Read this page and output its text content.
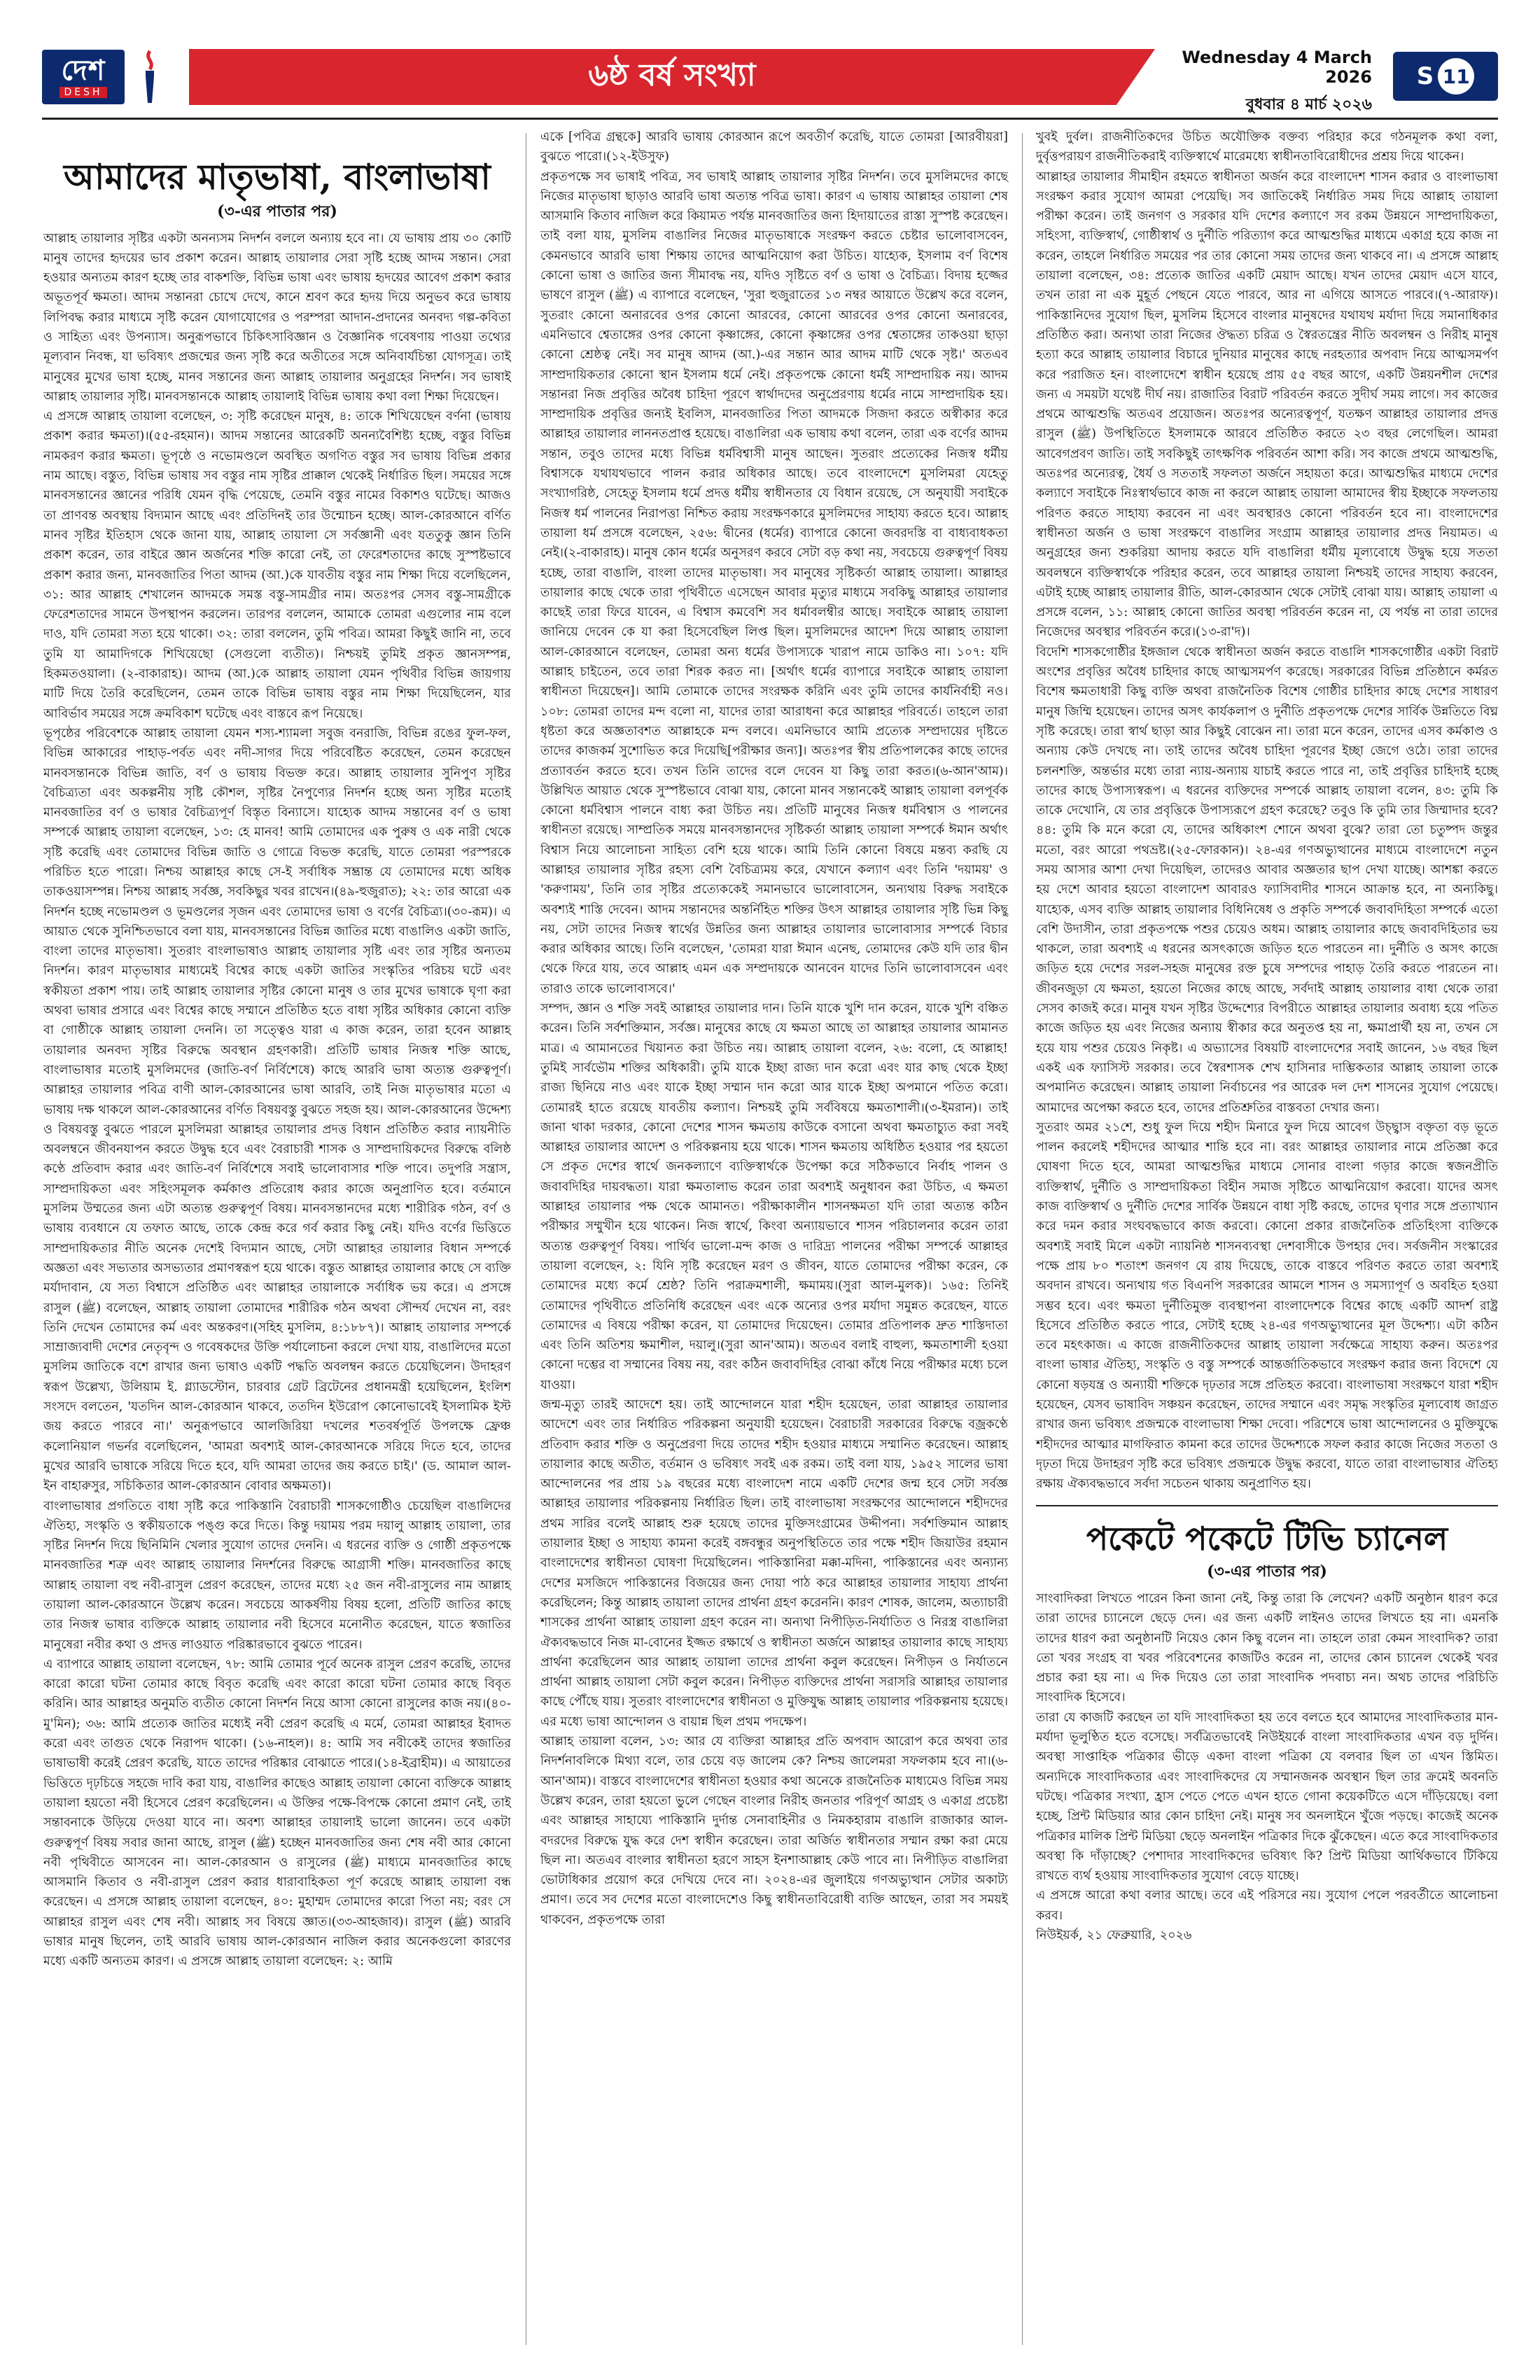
দেশ
DESH	৬ষ্ঠ বর্ষ সংখ্যা	Wednesday 4 March 2026
বুধবার ৪ মার্চ ২০২৬
S 11
আমাদের মাতৃভাষা, বাংলাভাষা
(৩-এর পাতার পর)

আল্লাহ তায়ালার সৃষ্টির একটা অনন্যসম নিদর্শন বললে অন্যায় হবে না। যে ভাষায় প্রায় ৩০ কোটি মানুষ তাদের হৃদয়ের ভাব প্রকাশ করেন। আল্লাহ তায়ালার সেরা সৃষ্টি হচ্ছে আদম সন্তান। সেরা হওয়ার অন্যতম কারণ হচ্ছে তার বাকশক্তি, বিভিন্ন ভাষা এবং ভাষায় হৃদয়ের আবেগ প্রকাশ করার অভূতপূর্ব ক্ষমতা। আদম সন্তানরা চোখে দেখে, কানে শ্রবণ করে হৃদয় দিয়ে অনুভব করে ভাষায় লিপিবদ্ধ করার মাধ্যমে সৃষ্টি করেন যোগাযোগের ও পরম্পরা আদান-প্রদানের অনবদ্য গল্প-কবিতা ও সাহিত্য এবং উপন্যাস। অনুরূপভাবে চিকিৎসাবিজ্ঞান ও বৈজ্ঞানিক গবেষণায় পাওয়া তথ্যের মূল্যবান নিবন্ধ, যা ভবিষ্যৎ প্রজন্মের জন্য সৃষ্টি করে অতীতের সঙ্গে অনিবার্যচিন্তা যোগসূত্র। তাই মানুষের মুখের ভাষা হচ্ছে, মানব সন্তানের জন্য আল্লাহ তায়ালার অনুগ্রহের নিদর্শন। সব ভাষাই আল্লাহ তায়ালার সৃষ্টি। মানবসন্তানকে আল্লাহ তায়ালাই বিভিন্ন ভাষায় কথা বলা শিক্ষা দিয়েছেন।

এ প্রসঙ্গে আল্লাহ তায়ালা বলেছেন, ৩: সৃষ্টি করেছেন মানুষ, ৪: তাকে শিখিয়েছেন বর্ণনা (ভাষায় প্রকাশ করার ক্ষমতা)।(৫৫-রহমান)। আদম সন্তানের আরেকটি অনন্যবৈশিষ্ট্য হচ্ছে, বস্তুর বিভিন্ন নামকরণ করার ক্ষমতা। ভূপৃষ্ঠে ও নভোমণ্ডলে অবস্থিত অগণিত বস্তুর সব ভাষায় বিভিন্ন প্রকার নাম আছে। বস্তুত, বিভিন্ন ভাষায় সব বস্তুর নাম সৃষ্টির প্রাক্কাল থেকেই নির্ধারিত ছিল। সময়ের সঙ্গে মানবসন্তানের জ্ঞানের পরিধি যেমন বৃদ্ধি পেয়েছে, তেমনি বস্তুর নামের বিকাশও ঘটেছে। আজও তা প্রাণবন্ত অবস্থায় বিদ্যমান আছে এবং প্রতিদিনই তার উন্মোচন হচ্ছে। আল-কোরআনে বর্ণিত মানব সৃষ্টির ইতিহাস থেকে জানা যায়, আল্লাহ তায়ালা সে সর্বজ্ঞানী এবং যততুকু জ্ঞান তিনি প্রকাশ করেন, তার বাইরে জ্ঞান অর্জনের শক্তি কারো নেই, তা ফেরেশতাদের কাছে সুস্পষ্টভাবে প্রকাশ করার জন্য, মানবজাতির পিতা আদম (আ.)কে যাবতীয় বস্তুর নাম শিক্ষা দিয়ে বলেছিলেন, ৩১: আর আল্লাহ শেখালেন আদমকে সমস্ত বস্তু-সামগ্রীর নাম। অতঃপর সেসব বস্তু-সামগ্রীকে ফেরেশতাদের সামনে উপস্থাপন করলেন। তারপর বললেন, আমাকে তোমরা এগুলোর নাম বলে দাও, যদি তোমরা সত্য হয়ে থাকো। ৩২: তারা বললেন, তুমি পবিত্র। আমরা কিছুই জানি না, তবে তুমি যা আমাদিগকে শিখিয়েছো (সেগুলো ব্যতীত)। নিশ্চয়ই তুমিই প্রকৃত জ্ঞানসম্পন্ন, হিকমতওয়ালা। (২-বাকারাহ)। আদম (আ.)কে আল্লাহ তায়ালা যেমন পৃথিবীর বিভিন্ন জায়গায় মাটি দিয়ে তৈরি করেছিলেন, তেমন তাকে বিভিন্ন ভাষায় বস্তুর নাম শিক্ষা দিয়েছিলেন, যার আবির্ভাব সময়ের সঙ্গে ক্রমবিকাশ ঘটেছে এবং বাস্তবে রূপ নিয়েছে।

ভূপৃষ্ঠের পরিবেশকে আল্লাহ তায়ালা যেমন শস্য-শ্যামলা সবুজ বনরাজি, বিভিন্ন রঙের ফুল-ফল, বিভিন্ন আকারের পাহাড়-পর্বত এবং নদী-সাগর দিয়ে পরিবেষ্টিত করেছেন, তেমন করেছেন মানবসন্তানকে বিভিন্ন জাতি, বর্ণ ও ভাষায় বিভক্ত করে। আল্লাহ তায়ালার সুনিপুণ সৃষ্টির বৈচিত্র্যতা এবং অকল্পনীয় সৃষ্টি কৌশল, সৃষ্টির নৈপুণ্যের নিদর্শন হচ্ছে অন্য সৃষ্টির মতোই মানবজাতির বর্ণ ও ভাষার বৈচিত্র্যপূর্ণ বিস্তৃত বিন্যাসে। যাহ্যেক আদম সন্তানের বর্ণ ও ভাষা সম্পর্কে আল্লাহ তায়ালা বলেছেন, ১৩: হে মানব! আমি তোমাদের এক পুরুষ ও এক নারী থেকে সৃষ্টি করেছি এবং তোমাদের বিভিন্ন জাতি ও গোত্রে বিভক্ত করেছি, যাতে তোমরা পরস্পরকে পরিচিত হতে পারো। নিশ্চয় আল্লাহর কাছে সে-ই সর্বাধিক সম্ভ্রান্ত যে তোমাদের মধ্যে অধিক তাকওয়াসম্পন্ন। নিশ্চয় আল্লাহ সর্বজ্ঞ, সবকিছুর খবর রাখেন।(৪৯-হুজুরাত); ২২: তার আরো এক নিদর্শন হচ্ছে নভোমণ্ডল ও ভূমণ্ডলের সৃজন এবং তোমাদের ভাষা ও বর্ণের বৈচিত্র্য।(৩০-রূম)। এ আয়াত থেকে সুনিশ্চিতভাবে বলা যায়, মানবসন্তানের বিভিন্ন জাতির মধ্যে বাঙালিও একটা জাতি, বাংলা তাদের মাতৃভাষা। সুতরাং বাংলাভাষাও আল্লাহ তায়ালার সৃষ্টি এবং তার সৃষ্টির অন্যতম নিদর্শন। কারণ মাতৃভাষার মাধ্যমেই বিশ্বের কাছে একটা জাতির সংস্কৃতির পরিচয় ঘটে এবং স্বকীয়তা প্রকাশ পায়। তাই আল্লাহ তায়ালার সৃষ্টির কোনো মানুষ ও তার মুখের ভাষাকে ঘৃণা করা অথবা ভাষার প্রসারে এবং বিশ্বের কাছে সম্মানে প্রতিষ্ঠিত হতে বাধা সৃষ্টির অধিকার কোনো ব্যক্তি বা গোষ্ঠীকে আল্লাহ তায়ালা দেননি। তা সত্ত্বেও যারা এ কাজ করেন, তারা হবেন আল্লাহ তায়ালার অনবদ্য সৃষ্টির বিরুদ্ধে অবস্থান গ্রহণকারী। প্রতিটি ভাষার নিজস্ব শক্তি আছে, বাংলাভাষার মতোই মুসলিমদের (জাতি-বর্ণ নির্বিশেষে) কাছে আরবি ভাষা অত্যন্ত গুরুত্বপূর্ণ। আল্লাহর তায়ালার পবিত্র বাণী আল-কোরআনের ভাষা আরবি, তাই নিজ মাতৃভাষার মতো এ ভাষায় দক্ষ থাকলে আল-কোরআনের বর্ণিত বিষয়বস্তু বুঝতে সহজ হয়। আল-কোরআনের উদ্দেশ্য ও বিষয়বস্তু বুঝতে পারলে মুসলিমরা আল্লাহর তায়ালার প্রদত্ত বিধান প্রতিষ্ঠিত করার ন্যায়নীতি অবলম্বনে জীবনযাপন করতে উদ্বুদ্ধ হবে এবং বৈরাচারী শাসক ও সাম্প্রদায়িকদের বিরুদ্ধে বলিষ্ঠ কণ্ঠে প্রতিবাদ করার এবং জাতি-বর্ণ নির্বিশেষে সবাই ভালোবাসার শক্তি পাবে। তদুপরি সন্ত্রাস, সাম্প্রদায়িকতা এবং সহিংসমূলক কর্মকাণ্ড প্রতিরোধ করার কাজে অনুপ্রাণিত হবে। বর্তমানে মুসলিম উম্মতের জন্য এটা অত্যন্ত গুরুত্বপূর্ণ বিষয়। মানবসন্তানদের মধ্যে শারীরিক গঠন, বর্ণ ও ভাষায় ব্যবধানে যে তফাত আছে, তাকে কেন্দ্র করে গর্ব করার কিছু নেই। যদিও বর্ণের ভিত্তিতে সাম্প্রদায়িকতার নীতি অনেক দেশেই বিদ্যমান আছে, সেটা আল্লাহর তায়ালার বিধান সম্পর্কে অজ্ঞতা এবং সভ্যতার অসভ্যতার প্রমাণস্বরূপ হয়ে থাকে। বস্তুত আল্লাহর তায়ালার কাছে সে ব্যক্তি মর্যাদাবান, যে সত্য বিশ্বাসে প্রতিষ্ঠিত এবং আল্লাহর তায়ালাকে সর্বাধিক ভয় করে। এ প্রসঙ্গে রাসুল (ﷺ) বলেছেন, আল্লাহ তায়ালা তোমাদের শারীরিক গঠন অথবা সৌন্দর্য দেখেন না, বরং তিনি দেখেন তোমাদের কর্ম এবং অন্তকরণ।(সহিহ মুসলিম, ৪:১৮৮৭)। আল্লাহ তায়ালার সম্পর্কে সাম্রাজ্যবাদী দেশের নেতৃবৃন্দ ও গবেষকদের উক্তি পর্যালোচনা করলে দেখা যায়, বাঙালিদের মতো মুসলিম জাতিকে বশে রাখার জন্য ভাষাও একটি পদ্ধতি অবলম্বন করতে চেয়েছিলেন। উদাহরণ স্বরূপ উল্লেখ্য, উলিয়াম ই. গ্ল্যাডস্টোন, চারবার গ্রেট ব্রিটেনের প্রধানমন্ত্রী হয়েছিলেন, ইংলিশ সংসদে বলতেন, 'যতদিন আল-কোরআন থাকবে, ততদিন ইউরোপ কোনোভাবেই ইসলামিক ইস্ট জয় করতে পারবে না।' অনুরূপভাবে আলজিরিয়া দখলের শতবর্ষপূর্তি উপলক্ষে ফ্রেঞ্চ কলোনিয়াল গভর্নর বলেছিলেন, 'আমরা অবশ্যই আল-কোরআনকে সরিয়ে দিতে হবে, তাদের মুখের আরবি ভাষাকে সরিয়ে দিতে হবে, যদি আমরা তাদের জয় করতে চাই।' (ড. আমাল আল-ইন বাহারুসুর, সচিকিতার আল-কোরআন বোবার অক্ষমতা)।

বাংলাভাষার প্রগতিতে বাধা সৃষ্টি করে পাকিস্তানি বৈরাচারী শাসকগোষ্ঠীও চেয়েছিল বাঙালিদের ঐতিহ্য, সংস্কৃতি ও স্বকীয়তাকে পঙ্গু করে দিতে। কিন্তু দয়াময় পরম দয়ালু আল্লাহ তায়ালা, তার সৃষ্টির নিদর্শন দিয়ে ছিনিমিনি খেলার সুযোগ তাদের দেননি। এ ধরনের ব্যক্তি ও গোষ্ঠী প্রকৃতপক্ষে মানবজাতির শত্রু এবং আল্লাহ তায়ালার নিদর্শনের বিরুদ্ধে আগ্রাসী শক্তি। মানবজাতির কাছে আল্লাহ তায়ালা বহু নবী-রাসুল প্রেরণ করেছেন, তাদের মধ্যে ২৫ জন নবী-রাসুলের নাম আল্লাহ তায়ালা আল-কোরআনে উল্লেখ করেন। সবচেয়ে আকর্ষণীয় বিষয় হলো, প্রতিটি জাতির কাছে তার নিজস্ব ভাষার ব্যক্তিকে আল্লাহ তায়ালার নবী হিসেবে মনোনীত করেছেন, যাতে স্বজাতির মানুষেরা নবীর কথা ও প্রদত্ত লাওয়াত পরিষ্কারভাবে বুঝতে পারেন।

এ ব্যাপারে আল্লাহ তায়ালা বলেছেন, ৭৮: আমি তোমার পূর্বে অনেক রাসুল প্রেরণ করেছি, তাদের কারো কারো ঘটনা তোমার কাছে বিবৃত করেছি এবং কারো কারো ঘটনা তোমার কাছে বিবৃত করিনি। আর আল্লাহর অনুমতি ব্যতীত কোনো নিদর্শন নিয়ে আসা কোনো রাসুলের কাজ নয়।(৪০-মু'মিন); ৩৬: আমি প্রত্যেক জাতির মধ্যেই নবী প্রেরণ করেছি এ মর্মে, তোমরা আল্লাহর ইবাদত করো এবং তাগুত থেকে নিরাপদ থাকো। (১৬-নাহল)। ৪: আমি সব নবীকেই তাদের স্বজাতির ভাষাভাষী করেই প্রেরণ করেছি, যাতে তাদের পরিষ্কার বোঝাতে পারে।(১৪-ইব্রাহীম)। এ আয়াতের ভিত্তিতে দৃঢ়চিত্তে সহজে দাবি করা যায়, বাঙালির কাছেও আল্লাহ তায়ালা কোনো ব্যক্তিকে আল্লাহ তায়ালা হয়তো নবী হিসেবে প্রেরণ করেছিলেন। এ উক্তির পক্ষে-বিপক্ষে কোনো প্রমাণ নেই, তাই সন্তাবনাকে উড়িয়ে দেওয়া যাবে না। অবশ্য আল্লাহর তায়ালাই ভালো জানেন। তবে একটা গুরুত্বপূর্ণ বিষয় সবার জানা আছে, রাসুল (ﷺ) হচ্ছেন মানবজাতির জন্য শেষ নবী আর কোনো নবী পৃথিবীতে আসবেন না। আল-কোরআন ও রাসুলের (ﷺ) মাধ্যমে মানবজাতির কাছে আসমানি কিতাব ও নবী-রাসুল প্রেরণ করার ধারাবাহিকতা পূর্ণ করেছে আল্লাহ তায়ালা বন্ধ করেছেন। এ প্রসঙ্গে আল্লাহ তায়ালা বলেছেন, ৪০: মুহাম্মদ তোমাদের কারো পিতা নয়; বরং সে আল্লাহর রাসুল এবং শেষ নবী। আল্লাহ সব বিষয়ে জ্ঞাত।(৩৩-আহজাব)। রাসুল (ﷺ) আরবি ভাষার মানুষ ছিলেন, তাই আরবি ভাষায় আল-কোরআন নাজিল করার অনেকগুলো কারণের মধ্যে একটি অন্যতম কারণ। এ প্রসঙ্গে আল্লাহ তায়ালা বলেছেন: ২: আমি

একে [পবিত্র গ্রন্থকে] আরবি ভাষায় কোরআন রূপে অবতীর্ণ করেছি, যাতে তোমরা [আরবীয়রা] বুঝতে পারো।(১২-ইউসুফ)

প্রকৃতপক্ষে সব ভাষাই পবিত্র, সব ভাষাই আল্লাহ তায়ালার সৃষ্টির নিদর্শন। তবে মুসলিমদের কাছে নিজের মাতৃভাষা ছাড়াও আরবি ভাষা অত্যন্ত পবিত্র ভাষা। কারণ এ ভাষায় আল্লাহর তায়ালা শেষ আসমানি কিতাব নাজিল করে কিয়ামত পর্যন্ত মানবজাতির জন্য হিদায়াতের রাস্তা সুস্পষ্ট করেছেন। তাই বলা যায়, মুসলিম বাঙালির নিজের মাতৃভাষাকে সংরক্ষণ করতে চেষ্টার ভালোবাসবেন, কেমনভাবে আরবি ভাষা শিক্ষায় তাদের আত্মনিয়োগ করা উচিত। যাহ্যেক, ইসলাম বর্ণ বিশেষ কোনো ভাষা ও জাতির জন্য সীমাবদ্ধ নয়, যদিও সৃষ্টিতে বর্ণ ও ভাষা ও বৈচিত্র্য। বিদায় হজ্জের ভাষণে রাসুল (ﷺ) এ ব্যাপারে বলেছেন, 'সুরা হুজুরাতের ১৩ নম্বর আয়াতে উল্লেখ করে বলেন, সুতরাং কোনো অনারবের ওপর কোনো আরবের, কোনো আরবের ওপর কোনো অনারবের, এমনিভাবে শ্বেতাঙ্গের ওপর কোনো কৃষ্ণাঙ্গের, কোনো কৃষ্ণাঙ্গের ওপর শ্বেতাঙ্গের তাকওয়া ছাড়া কোনো শ্রেষ্ঠত্ব নেই। সব মানুষ আদম (আ.)-এর সন্তান আর আদম মাটি থেকে সৃষ্ট।' অতএব সাম্প্রদায়িকতার কোনো স্থান ইসলাম ধর্মে নেই। প্রকৃতপক্ষে কোনো ধর্মই সাম্প্রদায়িক নয়। আদম সন্তানরা নিজ প্রবৃত্তির অবৈধ চাহিদা পূরণে স্বার্থাদদের অনুপ্রেরণায় ধর্মের নামে সাম্প্রদায়িক হয়। সাম্প্রদায়িক প্রবৃত্তির জন্যই ইবলিস, মানবজাতির পিতা আদমকে সিজদা করতে অস্বীকার করে আল্লাহর তায়ালার লাননতপ্রাপ্ত হয়েছে। বাঙালিরা এক ভাষায় কথা বলেন, তারা এক বর্ণের আদম সন্তান, তবুও তাদের মধ্যে বিভিন্ন ধর্মবিশ্বাসী মানুষ আছেন। সুতরাং প্রত্যেকের নিজস্ব ধর্মীয় বিশ্বাসকে যথাযথভাবে পালন করার অধিকার আছে। তবে বাংলাদেশে মুসলিমরা যেহেতু সংখ্যাগরিষ্ঠ, সেহেতু ইসলাম ধর্মে প্রদত্ত ধর্মীয় স্বাধীনতার যে বিধান রয়েছে, সে অনুযায়ী সবাইকে নিজস্ব ধর্ম পালনের নিরাপত্তা নিশ্চিত করায় সংরক্ষণকারে মুসলিমদের সাহায্য করতে হবে। আল্লাহ তায়ালা ধর্ম প্রসঙ্গে বলেছেন, ২৫৬: দ্বীনের (ধর্মের) ব্যাপারে কোনো জবরদস্তি বা বাধ্যবাধকতা নেই।(২-বাকারাহ)। মানুষ কোন ধর্মের অনুসরণ করবে সেটা বড় কথা নয়, সবচেয়ে গুরুত্বপূর্ণ বিষয় হচ্ছে, তারা বাঙালি, বাংলা তাদের মাতৃভাষা। সব মানুষের সৃষ্টিকর্তা আল্লাহ তায়ালা। আল্লাহর তায়ালার কাছে থেকে তারা পৃথিবীতে এসেছেন আবার মৃত্যুর মাধ্যমে সবকিছু আল্লাহর তায়ালার কাছেই তারা ফিরে যাবেন, এ বিশ্বাস কমবেশি সব ধর্মাবলম্বীর আছে। সবাইকে আল্লাহ তায়ালা জানিয়ে দেবেন কে যা করা হিসেবেছিল লিপ্ত ছিল। মুসলিমদের আদেশ দিয়ে আল্লাহ তায়ালা আল-কোরআনে বলেছেন, তোমরা অন্য ধর্মের উপাস্যকে খারাপ নামে ডাকিও না। ১০৭: যদি আল্লাহ চাইতেন, তবে তারা শিরক করত না। [অর্থাৎ ধর্মের ব্যাপারে সবাইকে আল্লাহ তায়ালা স্বাধীনতা দিয়েছেন]। আমি তোমাকে তাদের সংরক্ষক করিনি এবং তুমি তাদের কার্যনির্বাহী নও। ১০৮: তোমরা তাদের মন্দ বলো না, যাদের তারা আরাধনা করে আল্লাহর পরিবর্তে। তাহলে তারা ধৃষ্টতা করে অজ্ঞতাবশত আল্লাহকে মন্দ বলবে। এমনিভাবে আমি প্রত্যেক সম্প্রদায়ের দৃষ্টিতে তাদের কাজকর্ম সুশোভিত করে দিয়েছি[পরীক্ষার জন্য]। অতঃপর স্বীয় প্রতিপালকের কাছে তাদের প্রত্যাবর্তন করতে হবে। তখন তিনি তাদের বলে দেবেন যা কিছু তারা করত।(৬-আন'আম)। উল্লিখিত আয়াত থেকে সুস্পষ্টভাবে বোঝা যায়, কোনো মানব সন্তানকেই আল্লাহ তায়ালা বলপূর্বক কোনো ধর্মবিশ্বাস পালনে বাধ্য করা উচিত নয়। প্রতিটি মানুষের নিজস্ব ধর্মবিশ্বাস ও পালনের স্বাধীনতা রয়েছে। সাম্প্রতিক সময়ে মানবসন্তানদের সৃষ্টিকর্তা আল্লাহ তায়ালা সম্পর্কে ঈমান অর্থাৎ বিশ্বাস নিয়ে আলোচনা সাহিত্য বেশি হয়ে থাকে। আমি তিনি কোনো বিষয়ে মন্তব্য করছি যে আল্লাহর তায়ালার সৃষ্টির রহস্য বেশি বৈচিত্র্যময় করে, যেখানে কল্যাণ এবং তিনি 'দয়াময়' ও 'করুণাময়', তিনি তার সৃষ্টির প্রত্যেককেই সমানভাবে ভালোবাসেন, অন্যথায় বিরুদ্ধ সবাইকে অবশ্যই শাস্তি দেবেন। আদম সন্তানদের অন্তর্নিহিত শক্তির উৎস আল্লাহর তায়ালার সৃষ্টি ভিন্ন কিছু নয়, সেটা তাদের নিজস্ব স্বার্থের উন্নতির জন্য আল্লাহর তায়ালার ভালোবাসার সম্পর্কে বিচার করার অধিকার আছে। তিনি বলেছেন, 'তোমরা যারা ঈমান এনেছ, তোমাদের কেউ যদি তার দ্বীন থেকে ফিরে যায়, তবে আল্লাহ এমন এক সম্প্রদায়কে আনবেন যাদের তিনি ভালোবাসবেন এবং তারাও তাকে ভালোবাসবে।'

সম্পদ, জ্ঞান ও শক্তি সবই আল্লাহর তায়ালার দান। তিনি যাকে খুশি দান করেন, যাকে খুশি বঞ্চিত করেন। তিনি সর্বশক্তিমান, সর্বজ্ঞ। মানুষের কাছে যে ক্ষমতা আছে তা আল্লাহর তায়ালার আমানত মাত্র। এ আমানতের খিয়ানত করা উচিত নয়। আল্লাহ তায়ালা বলেন, ২৬: বলো, হে আল্লাহ! তুমিই সার্বভৌম শক্তির অধিকারী। তুমি যাকে ইচ্ছা রাজ্য দান করো এবং যার কাছ থেকে ইচ্ছা রাজ্য ছিনিয়ে নাও এবং যাকে ইচ্ছা সম্মান দান করো আর যাকে ইচ্ছা অপমানে পতিত করো। তোমারই হাতে রয়েছে যাবতীয় কল্যাণ। নিশ্চয়ই তুমি সর্ববিষয়ে ক্ষমতাশালী।(৩-ইমরান)। তাই জানা থাকা দরকার, কোনো দেশের শাসন ক্ষমতায় কাউকে বসানো অথবা ক্ষমতাচ্যুত করা সবই আল্লাহর তায়ালার আদেশ ও পরিকল্পনায় হয়ে থাকে। শাসন ক্ষমতায় অধিষ্ঠিত হওয়ার পর হয়তো সে প্রকৃত দেশের স্বার্থে জনকল্যাণে ব্যক্তিস্বার্থকে উপেক্ষা করে সঠিকভাবে নির্বাহ পালন ও জবাবদিহির দায়বদ্ধতা। যারা ক্ষমতালাভ করেন তারা অবশ্যই অনুধাবন করা উচিত, এ ক্ষমতা আল্লাহর তায়ালার পক্ষ থেকে আমানত। পরীক্ষাকালীন শাসনক্ষমতা যদি তারা অত্যন্ত কঠিন পরীক্ষার সম্মুখীন হয়ে থাকেন। নিজ স্বার্থে, কিংবা অন্যায়ভাবে শাসন পরিচালনার করেন তারা অত্যন্ত গুরুত্বপূর্ণ বিষয়। পার্থিব ভালো-মন্দ কাজ ও দারিদ্র্য পালনের পরীক্ষা সম্পর্কে আল্লাহর তায়ালা বলেছেন, ২: যিনি সৃষ্টি করেছেন মরণ ও জীবন, যাতে তোমাদের পরীক্ষা করেন, কে তোমাদের মধ্যে কর্মে শ্রেষ্ঠ? তিনি পরাক্রমশালী, ক্ষমাময়।(সুরা আল-মুলক)। ১৬৫: তিনিই তোমাদের পৃথিবীতে প্রতিনিধি করেছেন এবং একে অন্যের ওপর মর্যাদা সমুন্নত করেছেন, যাতে তোমাদের এ বিষয়ে পরীক্ষা করেন, যা তোমাদের দিয়েছেন। তোমার প্রতিপালক দ্রুত শাস্তিদাতা এবং তিনি অতিশয় ক্ষমাশীল, দয়ালু।(সুরা আন'আম)। অতএব বলাই বাহুল্য, ক্ষমতাশালী হওয়া কোনো দম্ভের বা সম্মানের বিষয় নয়, বরং কঠিন জবাবদিহির বোঝা কাঁধে নিয়ে পরীক্ষার মধ্যে চলে যাওয়া।

জন্ম-মৃত্যু তারই আদেশে হয়। তাই আন্দোলনে যারা শহীদ হয়েছেন, তারা আল্লাহর তায়ালার আদেশে এবং তার নির্ধারিত পরিকল্পনা অনুযায়ী হয়েছেন। বৈরাচারী সরকারের বিরুদ্ধে বজ্রকণ্ঠে প্রতিবাদ করার শক্তি ও অনুপ্রেরণা দিয়ে তাদের শহীদ হওয়ার মাধ্যমে সম্মানিত করেছেন। আল্লাহ তায়ালার কাছে অতীত, বর্তমান ও ভবিষ্যৎ সবই এক রকম। তাই বলা যায়, ১৯৫২ সালের ভাষা আন্দোলনের পর প্রায় ১৯ বছরের মধ্যে বাংলাদেশ নামে একটি দেশের জন্ম হবে সেটা সর্বজ্ঞ আল্লাহর তায়ালার পরিকল্পনায় নির্ধারিত ছিল। তাই বাংলাভাষা সংরক্ষণের আন্দোলনে শহীদদের প্রথম সারির বলেই আল্লাহ শুরু হয়েছে তাদের মুক্তিসংগ্রামের উদ্দীপনা। সর্বশক্তিমান আল্লাহ তায়ালার ইচ্ছা ও সাহায্য কামনা করেই বঙ্গবন্ধুর অনুপস্থিতিতে তার পক্ষে শহীদ জিয়াউর রহমান বাংলাদেশের স্বাধীনতা ঘোষণা দিয়েছিলেন। পাকিস্তানিরা মক্কা-মদিনা, পাকিস্তানের এবং অন্যান্য দেশের মসজিদে পাকিস্তানের বিজয়ের জন্য দোয়া পাঠ করে আল্লাহর তায়ালার সাহায্য প্রার্থনা করেছিলেন; কিন্তু আল্লাহ তায়ালা তাদের প্রার্থনা গ্রহণ করেননি। কারণ শোষক, জালেম, অত্যাচারী শাসকের প্রার্থনা আল্লাহ তায়ালা গ্রহণ করেন না। অন্যথা নিপীড়িত-নির্যাতিত ও নিরস্ত্র বাঙালিরা ঐক্যবদ্ধভাবে নিজ মা-বোনের ইজ্জত রক্ষার্থে ও স্বাধীনতা অর্জনে আল্লাহর তায়ালার কাছে সাহায্য প্রার্থনা করেছিলেন আর আল্লাহ তায়ালা তাদের প্রার্থনা কবুল করেছেন। নিপীড়ন ও নির্যাতনে প্রার্থনা আল্লাহ তায়ালা সেটা কবুল করেন। নিপীড়ত ব্যক্তিদের প্রার্থনা সরাসরি আল্লাহর তায়ালার কাছে পৌঁছে যায়। সুতরাং বাংলাদেশের স্বাধীনতা ও মুক্তিযুদ্ধ আল্লাহ তায়ালার পরিকল্পনায় হয়েছে। এর মধ্যে ভাষা আন্দোলন ও বায়ান্ন ছিল প্রথম পদক্ষেপ।

আল্লাহ তায়ালা বলেন, ১৩: আর যে ব্যক্তিরা আল্লাহর প্রতি অপবাদ আরোপ করে অথবা তার নিদর্শনাবলিকে মিথ্যা বলে, তার চেয়ে বড় জালেম কে? নিশ্চয় জালেমরা সফলকাম হবে না।(৬-আন'আম)। বাস্তবে বাংলাদেশের স্বাধীনতা হওয়ার কথা অনেকে রাজনৈতিক মাধ্যমেও বিভিন্ন সময় উল্লেখ করেন, তারা হয়তো ভুলে গেছেন বাংলার নিরীহ জনতার পরিপূর্ণ আগ্রহ ও একাগ্র প্রচেষ্টা এবং আল্লাহর সাহায্যে পাকিস্তানি দুর্দান্ত সেনাবাহিনীর ও নিমকহারাম বাঙালি রাজাকার আল-বদরদের বিরুদ্ধে যুদ্ধ করে দেশ স্বাধীন করেছেন। তারা অর্জিত স্বাধীনতার সম্মান রক্ষা করা মেয়ে ছিল না। অতএব বাংলার স্বাধীনতা হরণে সাহস ইনশাআল্লাহ কেউ পাবে না। নিপীড়িত বাঙালিরা ভোটাধিকার প্রয়োগ করে দেখিয়ে দেবে না। ২০২৪-এর জুলাইয়ে গণঅভ্যুত্থান সেটার অকাট্য প্রমাণ। তবে সব দেশের মতো বাংলাদেশেও কিছু স্বাধীনতাবিরোধী ব্যক্তি আছেন, তারা সব সময়ই থাকবেন, প্রকৃতপক্ষে তারা

খুবই দুর্বল। রাজনীতিকদের উচিত অযৌক্তিক বক্তব্য পরিহার করে গঠনমূলক কথা বলা, দুর্বৃত্তপরায়ণ রাজনীতিকরাই ব্যক্তিস্বার্থে মারেমধ্যে স্বাধীনতাবিরোধীদের প্রশ্রয় দিয়ে থাকেন।

আল্লাহর তায়ালার সীমাহীন রহমতে স্বাধীনতা অর্জন করে বাংলাদেশ শাসন করার ও বাংলাভাষা সংরক্ষণ করার সুযোগ আমরা পেয়েছি। সব জাতিকেই নির্ধারিত সময় দিয়ে আল্লাহ তায়ালা পরীক্ষা করেন। তাই জনগণ ও সরকার যদি দেশের কল্যাণে সব রকম উন্নয়নে সাম্প্রদায়িকতা, সহিংসা, ব্যক্তিস্বার্থ, গোষ্ঠীস্বার্থ ও দুর্নীতি পরিত্যাগ করে আত্মশুদ্ধির মাধ্যমে একাগ্র হয়ে কাজ না করেন, তাহলে নির্ধারিত সময়ের পর তার কোনো সময় তাদের জন্য থাকবে না। এ প্রসঙ্গে আল্লাহ তায়ালা বলেছেন, ৩৪: প্রত্যেক জাতির একটি মেয়াদ আছে। যখন তাদের মেয়াদ এসে যাবে, তখন তারা না এক মুহূর্ত পেছনে যেতে পারবে, আর না এগিয়ে আসতে পারবে।(৭-আরাফ)। পাকিস্তানিদের সুযোগ ছিল, মুসলিম হিসেবে বাংলার মানুষদের যথাযথ মর্যাদা দিয়ে সমানাধিকার প্রতিষ্ঠিত করা। অন্যথা তারা নিজের ঔদ্ধত্য চরিত্র ও স্বৈরতন্ত্রের নীতি অবলম্বন ও নিরীহ মানুষ হত্যা করে আল্লাহ তায়ালার বিচারে দুনিয়ার মানুষের কাছে নরহত্যার অপবাদ নিয়ে আত্মসমর্পণ করে পরাজিত হন। বাংলাদেশে স্বাধীন হয়েছে প্রায় ৫৫ বছর আগে, একটি উন্নয়নশীল দেশের জন্য এ সময়টা যথেষ্ট দীর্ঘ নয়। রাজাতির বিরাট পরিবর্তন করতে সুদীর্ঘ সময় লাগে। সব কাজের প্রথমে আত্মশুদ্ধি অতএব প্রয়োজন। অতঃপর অন্যেরত্বপূর্ণ, যতক্ষণ আল্লাহর তায়ালার প্রদত্ত রাসুল (ﷺ) উপস্থিতিতে ইসলামকে আরবে প্রতিষ্ঠিত করতে ২৩ বছর লেগেছিল। আমরা আবেগপ্রবণ জাতি। তাই সবকিছুই তাৎক্ষণিক পরিবর্তন আশা করি। সব কাজে প্রথমে আত্মশুদ্ধি, অতঃপর অন্যেরত্ব, ধৈর্য ও সততাই সফলতা অর্জনে সহায়তা করে। আত্মশুদ্ধির মাধ্যমে দেশের কল্যাণে সবাইকে নিঃস্বার্থভাবে কাজ না করলে আল্লাহ তায়ালা আমাদের স্বীয় ইচ্ছাকে সফলতায় পরিণত করতে সাহায্য করবেন না এবং অবস্থারও কোনো পরিবর্তন হবে না। বাংলাদেশের স্বাধীনতা অর্জন ও ভাষা সংরক্ষণে বাঙালির সংগ্রাম আল্লাহর তায়ালার প্রদত্ত নিয়ামত। এ অনুগ্রহের জন্য শুকরিয়া আদায় করতে যদি বাঙালিরা ধর্মীয় মূল্যবোধে উদ্বুদ্ধ হয়ে সততা অবলম্বনে ব্যক্তিস্বার্থকে পরিহার করেন, তবে আল্লাহর তায়ালা নিশ্চয়ই তাদের সাহায্য করবেন, এটাই হচ্ছে আল্লাহ তায়ালার রীতি, আল-কোরআন থেকে সেটাই বোঝা যায়। আল্লাহ তায়ালা এ প্রসঙ্গে বলেন, ১১: আল্লাহ কোনো জাতির অবস্থা পরিবর্তন করেন না, যে পর্যন্ত না তারা তাদের নিজেদের অবস্থার পরিবর্তন করে।(১৩-রা'দ)।

বিদেশি শাসকগোষ্ঠীর ইঙ্গজাল থেকে স্বাধীনতা অর্জন করতে বাঙালি শাসকগোষ্ঠীর একটা বিরাট অংশের প্রবৃত্তির অবৈধ চাহিদার কাছে আত্মসমর্পণ করেছে। সরকারের বিভিন্ন প্রতিষ্ঠানে কর্মরত বিশেষ ক্ষমতাধারী কিছু ব্যক্তি অথবা রাজনৈতিক বিশেষ গোষ্ঠীর চাহিদার কাছে দেশের সাধারণ মানুষ জিম্মি হয়েছেন। তাদের অসৎ কার্যকলাপ ও দুর্নীতি প্রকৃতপক্ষে দেশের সার্বিক উন্নতিতে বিঘ্ন সৃষ্টি করেছে। তারা স্বার্থ ছাড়া আর কিছুই বোঝেন না। তারা মনে করেন, তাদের এসব কর্মকাণ্ড ও অন্যায় কেউ দেখছে না। তাই তাদের অবৈধ চাহিদা পূরণের ইচ্ছা জেগে ওঠে। তারা তাদের চলনশক্তি, অন্তর্ভার মধ্যে তারা ন্যায়-অন্যায় যাচাই করতে পারে না, তাই প্রবৃত্তির চাহিদাই হচ্ছে তাদের কাছে উপাস্যস্বরূপ। এ ধরনের ব্যক্তিদের সম্পর্কে আল্লাহ তায়ালা বলেন, ৪৩: তুমি কি তাকে দেখোনি, যে তার প্রবৃত্তিকে উপাস্যরূপে গ্রহণ করেছে? তবুও কি তুমি তার জিম্মাদার হবে? ৪৪: তুমি কি মনে করো যে, তাদের অধিকাংশ শোনে অথবা বুঝে? তারা তো চতুষ্পদ জন্তুর মতো, বরং আরো পথভ্রষ্ট।(২৫-ফোরকান)। ২৪-এর গণঅভ্যুত্থানের মাধ্যমে বাংলাদেশে নতুন সময় আসার আশা দেখা দিয়েছিল, তাদেরও আবার অজ্ঞতার ছাপ দেখা যাচ্ছে। আশঙ্কা করতে হয় দেশে আবার হয়তো বাংলাদেশ আবারও ফ্যাসিবাদীর শাসনে আক্রান্ত হবে, না অন্যকিছু। যাহ্যেক, এসব ব্যক্তি আল্লাহ তায়ালার বিধিনিষেধ ও প্রকৃতি সম্পর্কে জবাবদিহিতা সম্পর্কে এতো বেশি উদাসীন, তারা প্রকৃতপক্ষে পশুর চেয়েও অধম। আল্লাহ তায়ালার কাছে জবাবদিহিতার ভয় থাকলে, তারা অবশ্যই এ ধরনের অসৎকাজে জড়িত হতে পারতেন না। দুর্নীতি ও অসৎ কাজে জড়িত হয়ে দেশের সরল-সহজ মানুষের রক্ত চুষে সম্পদের পাহাড় তৈরি করতে পারতেন না। জীবনজুড়া যে ক্ষমতা, হয়তো নিজের কাছে আছে, সর্বদাই আল্লাহ তায়ালার বাধা থেকে তারা সেসব কাজই করে। মানুষ যখন সৃষ্টির উদ্দেশ্যের বিপরীতে আল্লাহর তায়ালার অবাধ্য হয়ে পতিত কাজে জড়িত হয় এবং নিজের অন্যায় স্বীকার করে অনুতপ্ত হয় না, ক্ষমাপ্রার্থী হয় না, তখন সে হয়ে যায় পশুর চেয়েও নিকৃষ্ট। এ অভ্যাসের বিষয়টি বাংলাদেশের সবাই জানেন, ১৬ বছর ছিল একই এক ফ্যাসিস্ট সরকার। তবে স্বৈরশাসক শেখ হাসিনার দাম্ভিকতার আল্লাহ তায়ালা তাকে অপমানিত করেছেন। আল্লাহ তায়ালা নির্বাচনের পর আরেক দল দেশ শাসনের সুযোগ পেয়েছে। আমাদের অপেক্ষা করতে হবে, তাদের প্রতিশ্রুতির বাস্তবতা দেখার জন্য।

সুতরাং অমর ২১শে, শুধু ফুল দিয়ে শহীদ মিনারে ফুল দিয়ে আবেগ উচ্ছ্বাস বক্তৃতা বড় ভূতে পালন করলেই শহীদদের আত্মার শান্তি হবে না। বরং আল্লাহর তায়ালার নামে প্রতিজ্ঞা করে ঘোষণা দিতে হবে, আমরা আত্মশুদ্ধির মাধ্যমে সোনার বাংলা গড়ার কাজে স্বজনপ্রীতি ব্যক্তিস্বার্থ, দুর্নীতি ও সাম্প্রদায়িকতা বিহীন সমাজ সৃষ্টিতে আত্মনিয়োগ করবো। যাদের অসৎ কাজ ব্যক্তিস্বার্থ ও দুর্নীতি দেশের সার্বিক উন্নয়নে বাধা সৃষ্টি করছে, তাদের ঘৃণার সঙ্গে প্রত্যাখ্যান করে দমন করার সংঘবদ্ধভাবে কাজ করবো। কোনো প্রকার রাজনৈতিক প্রতিহিংসা ব্যক্তিকে অবশ্যই সবাই মিলে একটা ন্যায়নিষ্ঠ শাসনব্যবস্থা দেশবাসীকে উপহার দেব। সর্বজনীন সংস্কারের পক্ষে প্রায় ৮০ শতাংশ জনগণ যে রায় দিয়েছে, তাকে বাস্তবে পরিণত করতে তারা অবশ্যই অবদান রাখবে। অন্যথায় গত বিএনপি সরকারের আমলে শাসন ও সমস্যাপূর্ণ ও অবহিত হওয়া সম্ভব হবে। এবং ক্ষমতা দুর্নীতিমুক্ত ব্যবস্থাপনা বাংলাদেশকে বিশ্বের কাছে একটি আদর্শ রাষ্ট্র হিসেবে প্রতিষ্ঠিত করতে পারে, সেটাই হচ্ছে ২৪-এর গণঅভ্যুত্থানের মূল উদ্দেশ্য। এটা কঠিন তবে মহৎকাজ। এ কাজে রাজনীতিকদের আল্লাহ তায়ালা সর্বক্ষেত্রে সাহায্য করুন। অতঃপর বাংলা ভাষার ঐতিহ্য, সংস্কৃতি ও বস্তু সম্পর্কে আন্তর্জাতিকভাবে সংরক্ষণ করার জন্য বিদেশে যে কোনো ষড়যন্ত্র ও অন্যায়ী শক্তিকে দৃঢ়তার সঙ্গে প্রতিহত করবো। বাংলাভাষা সংরক্ষণে যারা শহীদ হয়েছেন, যেসব ভাষাবিদ সঞ্চয়ন করেছেন, তাদের সম্মানে এবং সমৃদ্ধ সংস্কৃতির মূল্যবোধ জাগ্রত রাখার জন্য ভবিষ্যৎ প্রজন্মকে বাংলাভাষা শিক্ষা দেবো। পরিশেষে ভাষা আন্দোলনের ও মুক্তিযুদ্ধে শহীদদের আত্মার মাগফিরাত কামনা করে তাদের উদ্দেশ্যকে সফল করার কাজে নিজের সততা ও দৃঢ়তা দিয়ে উদাহরণ সৃষ্টি করে ভবিষ্যৎ প্রজন্মকে উদ্বুদ্ধ করবো, যাতে তারা বাংলাভাষার ঐতিহ্য রক্ষায় ঐক্যবদ্ধভাবে সর্বদা সচেতন থাকায় অনুপ্রাণিত হয়।

পকেটে পকেটে টিভি চ্যানেল
(৩-এর পাতার পর)

সাংবাদিকরা লিখতে পারেন কিনা জানা নেই, কিন্তু তারা কি লেখেন? একটি অনুষ্ঠান ধারণ করে তারা তাদের চ্যানেলে ছেড়ে দেন। এর জন্য একটি লাইনও তাদের লিখতে হয় না। এমনকি তাদের ধারণ করা অনুষ্ঠানটি নিয়েও কোন কিছু বলেন না। তাহলে তারা কেমন সাংবাদিক? তারা তো খবর সংগ্রহ বা খবর পরিবেশনের কাজটিও করেন না, তাদের কোন চ্যানেল থেকেই খবর প্রচার করা হয় না। এ দিক দিয়েও তো তারা সাংবাদিক পদবাচ্য নন। অথচ তাদের পরিচিতি সাংবাদিক হিসেবে।

তারা যে কাজটি করছেন তা যদি সাংবাদিকতা হয় তবে বলতে হবে আমাদের সাংবাদিকতার মান-মর্যাদা ভূলুণ্ঠিত হতে বসেছে। সর্বত্রিতভাবেই নিউইয়র্কে বাংলা সাংবাদিকতার এখন বড় দুর্দিন। অবস্থা সাপ্তাহিক পত্রিকার ভীড়ে একদা বাংলা পত্রিকা যে বলবার ছিল তা এখন স্তিমিত। অন্যদিকে সাংবাদিকতার এবং সাংবাদিকদের যে সম্মানজনক অবস্থান ছিল তার ক্রমেই অবনতি ঘটছে। পত্রিকার সংখ্যা, হ্রাস পেতে পেতে এখন হাতে গোনা কয়েকটিতে এসে দাঁড়িয়েছে। বলা হচ্ছে, প্রিন্ট মিডিয়ার আর কোন চাহিদা নেই। মানুষ সব অনলাইনে খুঁজে পড়ছে। কাজেই অনেক পত্রিকার মালিক প্রিন্ট মিডিয়া ছেড়ে অনলাইন পত্রিকার দিকে ঝুঁকেছেন। এতে করে সাংবাদিকতার অবস্থা কি দাঁড়াচ্ছে? পেশাদার সাংবাদিকদের ভবিষ্যৎ কি? প্রিন্ট মিডিয়া আর্থিকভাবে টিকিয়ে রাখতে ব্যর্থ হওয়ায় সাংবাদিকতার সুযোগ বেড়ে যাচ্ছে।

এ প্রসঙ্গে আরো কথা বলার আছে। তবে এই পরিসরে নয়। সুযোগ পেলে পরবর্তীতে আলোচনা করব।

নিউইয়র্ক, ২১ ফেব্রুয়ারি, ২০২৬
